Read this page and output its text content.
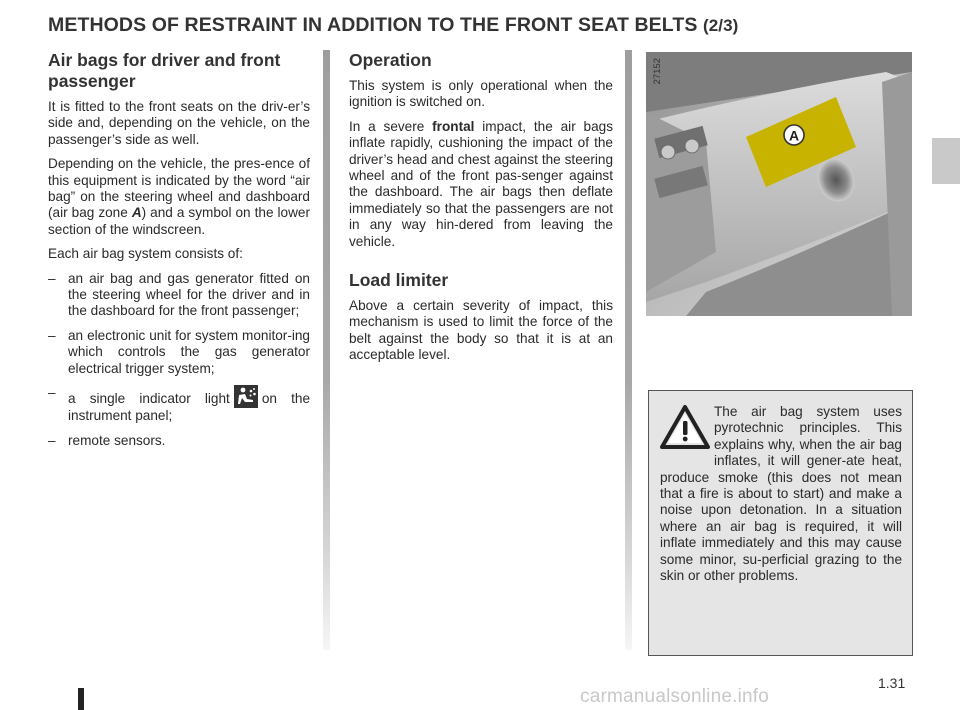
METHODS OF RESTRAINT IN ADDITION TO THE FRONT SEAT BELTS (2/3)
Air bags for driver and front passenger

It is fitted to the front seats on the driv-er’s side and, depending on the vehicle, on the passenger’s side as well.

Depending on the vehicle, the pres-ence of this equipment is indicated by the word “air bag” on the steering wheel and dashboard (air bag zone A) and a symbol on the lower section of the windscreen.

Each air bag system consists of:

– an air bag and gas generator fitted on the steering wheel for the driver and in the dashboard for the front passenger;
– an electronic unit for system monitor-ing which controls the gas generator electrical trigger system;
– a single indicator light on the instrument panel;
– remote sensors.
Operation

This system is only operational when the ignition is switched on.

In a severe frontal impact, the air bags inflate rapidly, cushioning the impact of the driver’s head and chest against the steering wheel and of the front pas-senger against the dashboard. The air bags then deflate immediately so that the passengers are not in any way hin-dered from leaving the vehicle.

Load limiter

Above a certain severity of impact, this mechanism is used to limit the force of the belt against the body so that it is at an acceptable level.

A
27152
The air bag system uses pyrotechnic principles. This explains why, when the air bag inflates, it will gener-ate heat, produce smoke (this does not mean that a fire is about to start) and make a noise upon detonation. In a situation where an air bag is required, it will inflate immediately and this may cause some minor, su-perficial grazing to the skin or other problems.
1.31
carmanualsonline.info
